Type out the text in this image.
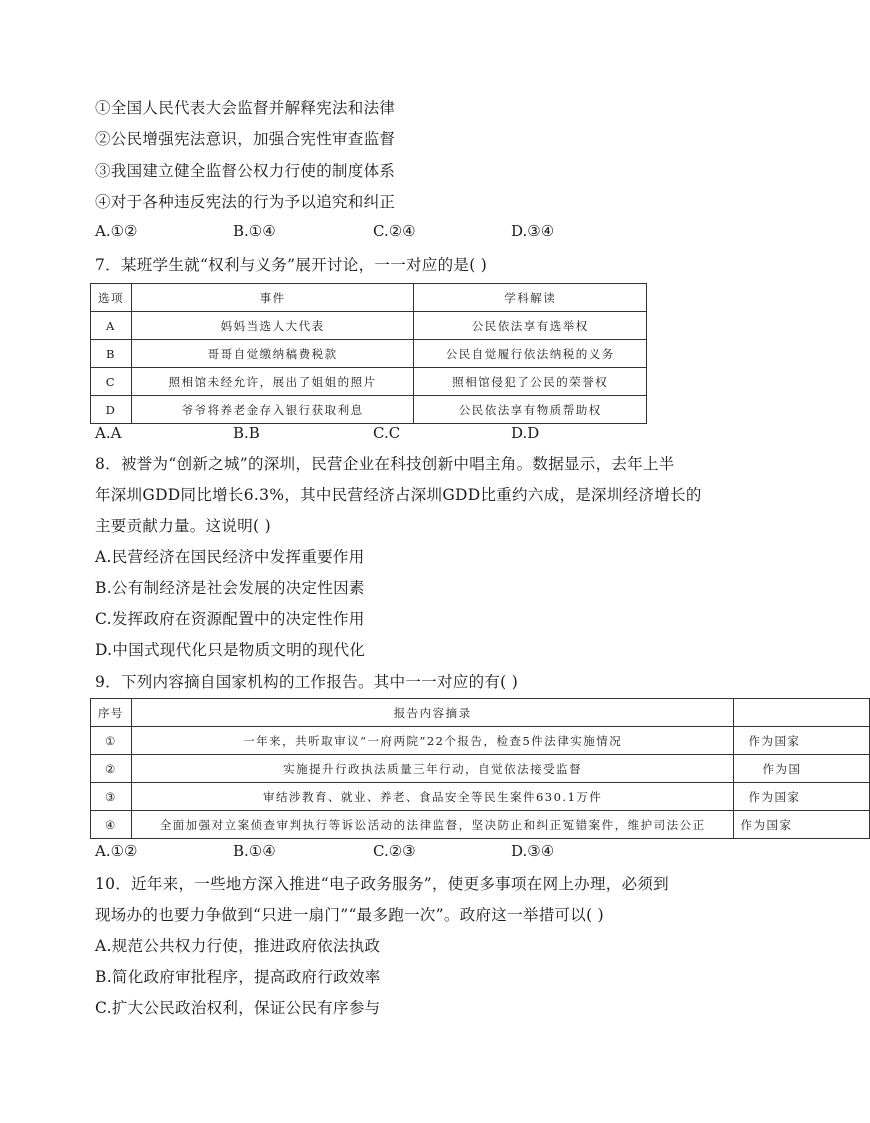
①全国人民代表大会监督并解释宪法和法律
②公民增强宪法意识，加强合宪性审查监督
③我国建立健全监督公权力行使的制度体系
④对于各种违反宪法的行为予以追究和纠正
A.①②	B.①④	C.②④	D.③④
7．某班学生就“权利与义务”展开讨论，一一对应的是( )
选项	事件	学科解读
A	妈妈当选人大代表	公民依法享有选举权
B	哥哥自觉缴纳稿费税款	公民自觉履行依法纳税的义务
C	照相馆未经允许，展出了姐姐的照片	照相馆侵犯了公民的荣誉权
D	爷爷将养老金存入银行获取利息	公民依法享有物质帮助权
A.A	B.B	C.C	D.D
8．被誉为“创新之城”的深圳，民营企业在科技创新中唱主角。数据显示，去年上半
年深圳GDD同比增长6.3%，其中民营经济占深圳GDD比重约六成，是深圳经济增长的
主要贡献力量。这说明( )
A.民营经济在国民经济中发挥重要作用
B.公有制经济是社会发展的决定性因素
C.发挥政府在资源配置中的决定性作用
D.中国式现代化只是物质文明的现代化
9．下列内容摘自国家机构的工作报告。其中一一对应的有( )
序号	报告内容摘录	
①	一年来，共听取审议“一府两院”22个报告，检查5件法律实施情况	作为国家
②	实施提升行政执法质量三年行动，自觉依法接受监督	作为国
③	审结涉教育、就业、养老、食品安全等民生案件630.1万件	作为国家
④	全面加强对立案侦查审判执行等诉讼活动的法律监督，坚决防止和纠正冤错案件，维护司法公正	作为国家
A.①②	B.①④	C.②③	D.③④
10．近年来，一些地方深入推进“电子政务服务”，使更多事项在网上办理，必须到
现场办的也要力争做到“只进一扇门”“最多跑一次”。政府这一举措可以( )
A.规范公共权力行使，推进政府依法执政
B.简化政府审批程序，提高政府行政效率
C.扩大公民政治权利，保证公民有序参与
